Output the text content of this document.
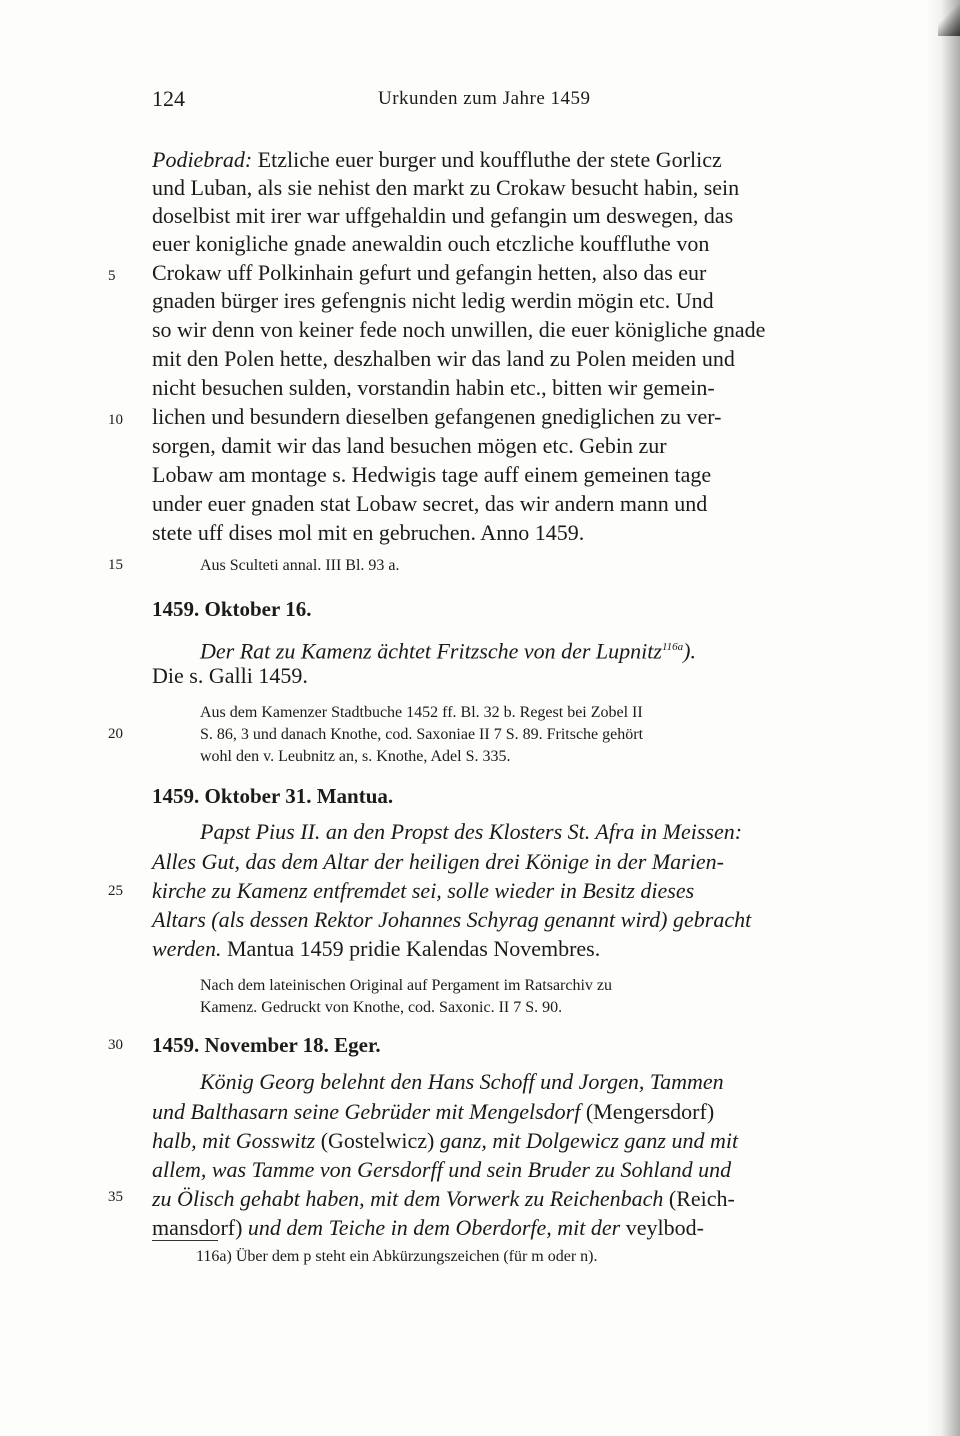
124	Urkunden zum Jahre 1459
5
10
15
20
25
30
35
Podiebrad: Etzliche euer burger und kouffluthe der stete Gorlicz
und Luban, als sie nehist den markt zu Crokaw besucht habin, sein
doselbist mit irer war uffgehaldin und gefangin um deswegen, das
euer konigliche gnade anewaldin ouch etczliche kouffluthe von
Crokaw uff Polkinhain gefurt und gefangin hetten, also das eur
gnaden bürger ires gefengnis nicht ledig werdin mögin etc. Und
so wir denn von keiner fede noch unwillen, die euer königliche gnade
mit den Polen hette, deszhalben wir das land zu Polen meiden und
nicht besuchen sulden, vorstandin habin etc., bitten wir gemein-
lichen und besundern dieselben gefangenen gnediglichen zu ver-
sorgen, damit wir das land besuchen mögen etc. Gebin zur
Lobaw am montage s. Hedwigis tage auff einem gemeinen tage
under euer gnaden stat Lobaw secret, das wir andern mann und
stete uff dises mol mit en gebruchen. Anno 1459.
Aus Sculteti annal. III Bl. 93 a.
1459. Oktober 16.
Der Rat zu Kamenz ächtet Fritzsche von der Lupnitz$^{116a}$).
Die s. Galli 1459.
Aus dem Kamenzer Stadtbuche 1452 ff. Bl. 32 b. Regest bei Zobel II
S. 86, 3 und danach Knothe, cod. Saxoniae II 7 S. 89. Fritsche gehört
wohl den v. Leubnitz an, s. Knothe, Adel S. 335.
1459. Oktober 31. Mantua.
Papst Pius II. an den Propst des Klosters St. Afra in Meissen:
Alles Gut, das dem Altar der heiligen drei Könige in der Marien-
kirche zu Kamenz entfremdet sei, solle wieder in Besitz dieses
Altars (als dessen Rektor Johannes Schyrag genannt wird) gebracht
werden. Mantua 1459 pridie Kalendas Novembres.
Nach dem lateinischen Original auf Pergament im Ratsarchiv zu
Kamenz. Gedruckt von Knothe, cod. Saxonic. II 7 S. 90.
1459. November 18. Eger.
König Georg belehnt den Hans Schoff und Jorgen, Tammen
und Balthasarn seine Gebrüder mit Mengelsdorf (Mengersdorf)
halb, mit Gosswitz (Gostelwicz) ganz, mit Dolgewicz ganz und mit
allem, was Tamme von Gersdorff und sein Bruder zu Sohland und
zu Ölisch gehabt haben, mit dem Vorwerk zu Reichenbach (Reich-
mansdorf) und dem Teiche in dem Oberdorfe, mit der veylbod-
116a) Über dem p steht ein Abkürzungszeichen (für m oder n).
